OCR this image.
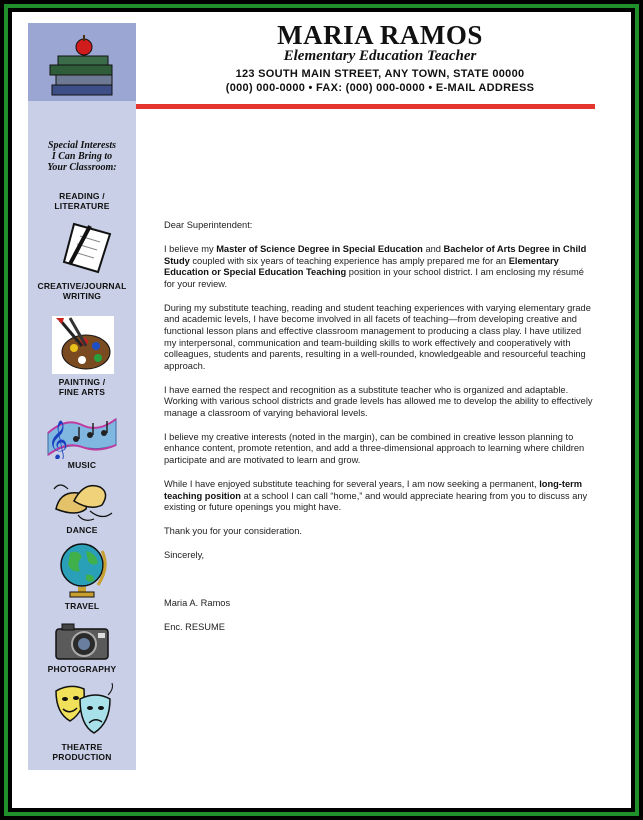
Special Interests
I Can Bring to
Your Classroom:
READING /
LITERATURE
CREATIVE/JOURNAL
WRITING
PAINTING /
FINE ARTS
𝄞
MUSIC
DANCE
TRAVEL
PHOTOGRAPHY
THEATRE
PRODUCTION
MARIA RAMOS
Elementary Education Teacher
123 SOUTH MAIN STREET, ANY TOWN, STATE 00000
(000) 000-0000 • FAX: (000) 000-0000 • E-MAIL ADDRESS

Dear Superintendent:

I believe my Master of Science Degree in Special Education and Bachelor of Arts Degree in Child Study coupled with six years of teaching experience has amply prepared me for an Elementary Education or Special Education Teaching position in your school district. I am enclosing my résumé for your review.

During my substitute teaching, reading and student teaching experiences with varying elementary grade and academic levels, I have become involved in all facets of teaching—from developing creative and functional lesson plans and effective classroom management to producing a class play. I have utilized my interpersonal, communication and team-building skills to work effectively and cooperatively with colleagues, students and parents, resulting in a well-rounded, knowledgeable and resourceful teaching approach.

I have earned the respect and recognition as a substitute teacher who is organized and adaptable. Working with various school districts and grade levels has allowed me to develop the ability to effectively manage a classroom of varying behavioral levels.

I believe my creative interests (noted in the margin), can be combined in creative lesson planning to enhance content, promote retention, and add a three-dimensional approach to learning where children participate and are motivated to learn and grow.

While I have enjoyed substitute teaching for several years, I am now seeking a permanent, long-term teaching position at a school I can call “home,” and would appreciate hearing from you to discuss any existing or future openings you might have.

Thank you for your consideration.

Sincerely,

Maria A. Ramos

Enc. RESUME
